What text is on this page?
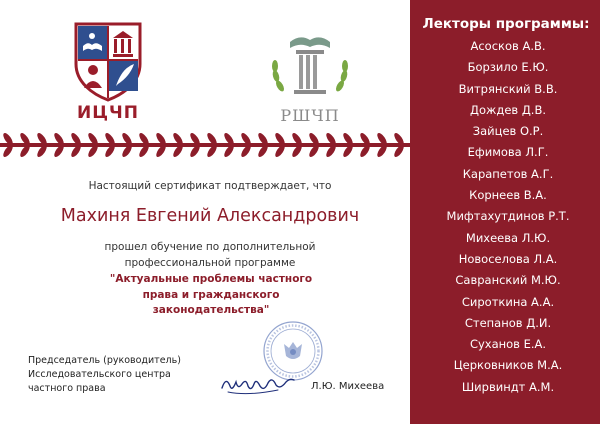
ИЦЧП	РШЧП
Настоящий сертификат подтверждает, что
Махиня Евгений Александрович
прошел обучение по дополнительной
профессиональной программе
"Актуальные проблемы частного
права и гражданского
законодательства"
Председатель (руководитель)
Исследовательского центра
частного права	Л.Ю. Михеева
Лекторы программы:
Асосков А.В.
Борзило Е.Ю.
Витрянский В.В.
Дождев Д.В.
Зайцев О.Р.
Ефимова Л.Г.
Карапетов А.Г.
Корнеев В.А.
Мифтахутдинов Р.Т.
Михеева Л.Ю.
Новоселова Л.А.
Савранский М.Ю.
Сироткина А.А.
Степанов Д.И.
Суханов Е.А.
Церковников М.А.
Ширвиндт А.М.
